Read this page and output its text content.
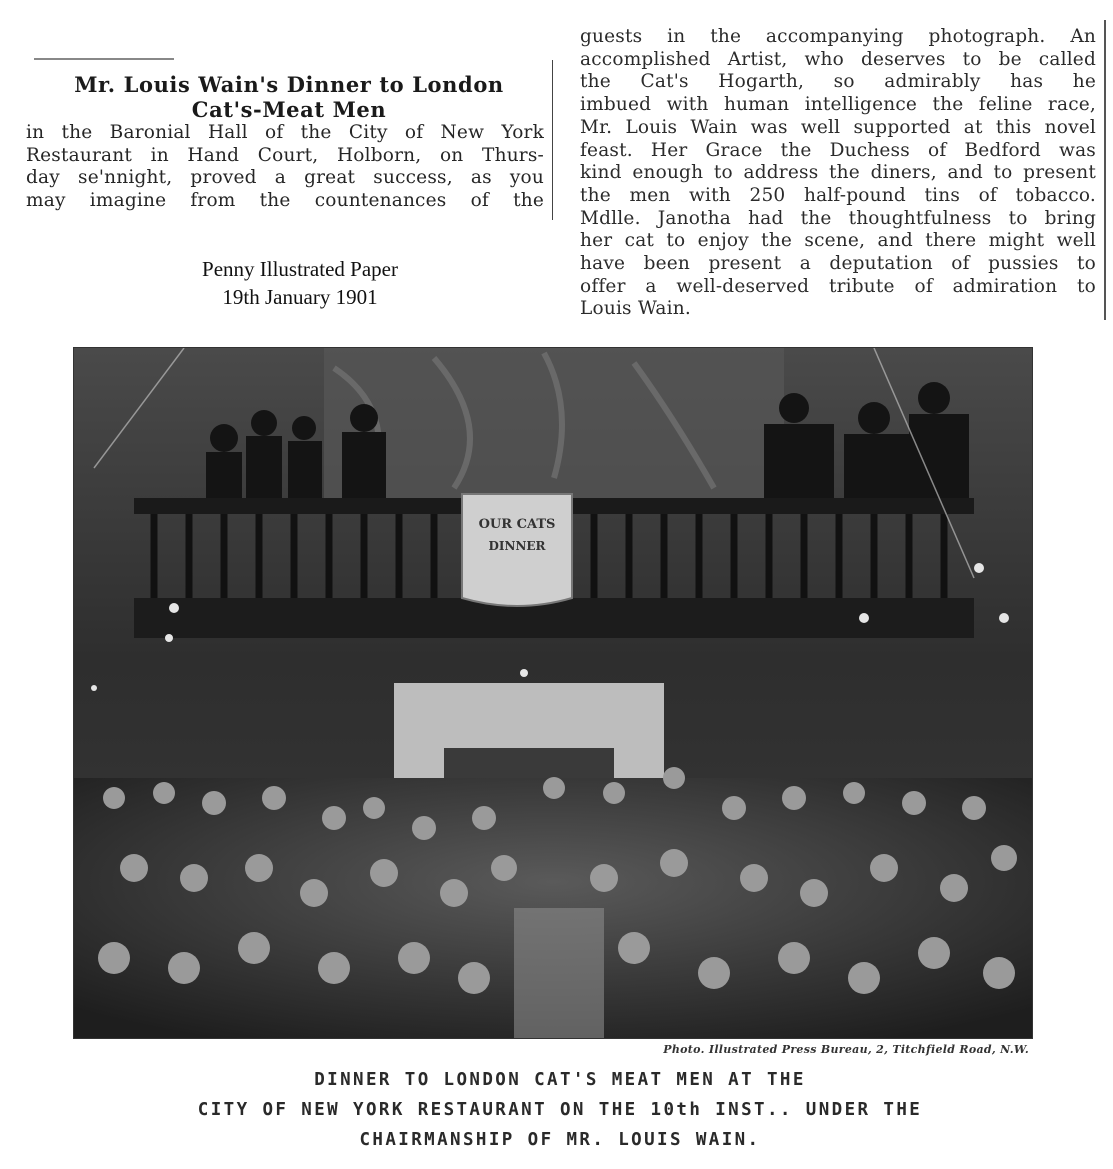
Mr. Louis Wain's Dinner to London
Cat's-Meat Men
in the Baronial Hall of the City of New York
Restaurant in Hand Court, Holborn, on Thurs-
day se'nnight, proved a great success, as you
may imagine from the countenances of the
Penny Illustrated Paper
19th January 1901
guests in the accompanying photograph. An
accomplished Artist, who deserves to be called
the Cat's Hogarth, so admirably has he
imbued with human intelligence the feline race,
Mr. Louis Wain was well supported at this novel
feast. Her Grace the Duchess of Bedford was
kind enough to address the diners, and to present
the men with 250 half-pound tins of tobacco.
Mdlle. Janotha had the thoughtfulness to bring
her cat to enjoy the scene, and there might well
have been present a deputation of pussies to
offer a well-deserved tribute of admiration to
Louis Wain.
OUR CATS
DINNER
Photo. Illustrated Press Bureau, 2, Titchfield Road, N.W.
DINNER TO LONDON CAT'S MEAT MEN AT THE
CITY OF NEW YORK RESTAURANT ON THE 10th INST.. UNDER THE
CHAIRMANSHIP OF MR. LOUIS WAIN.
